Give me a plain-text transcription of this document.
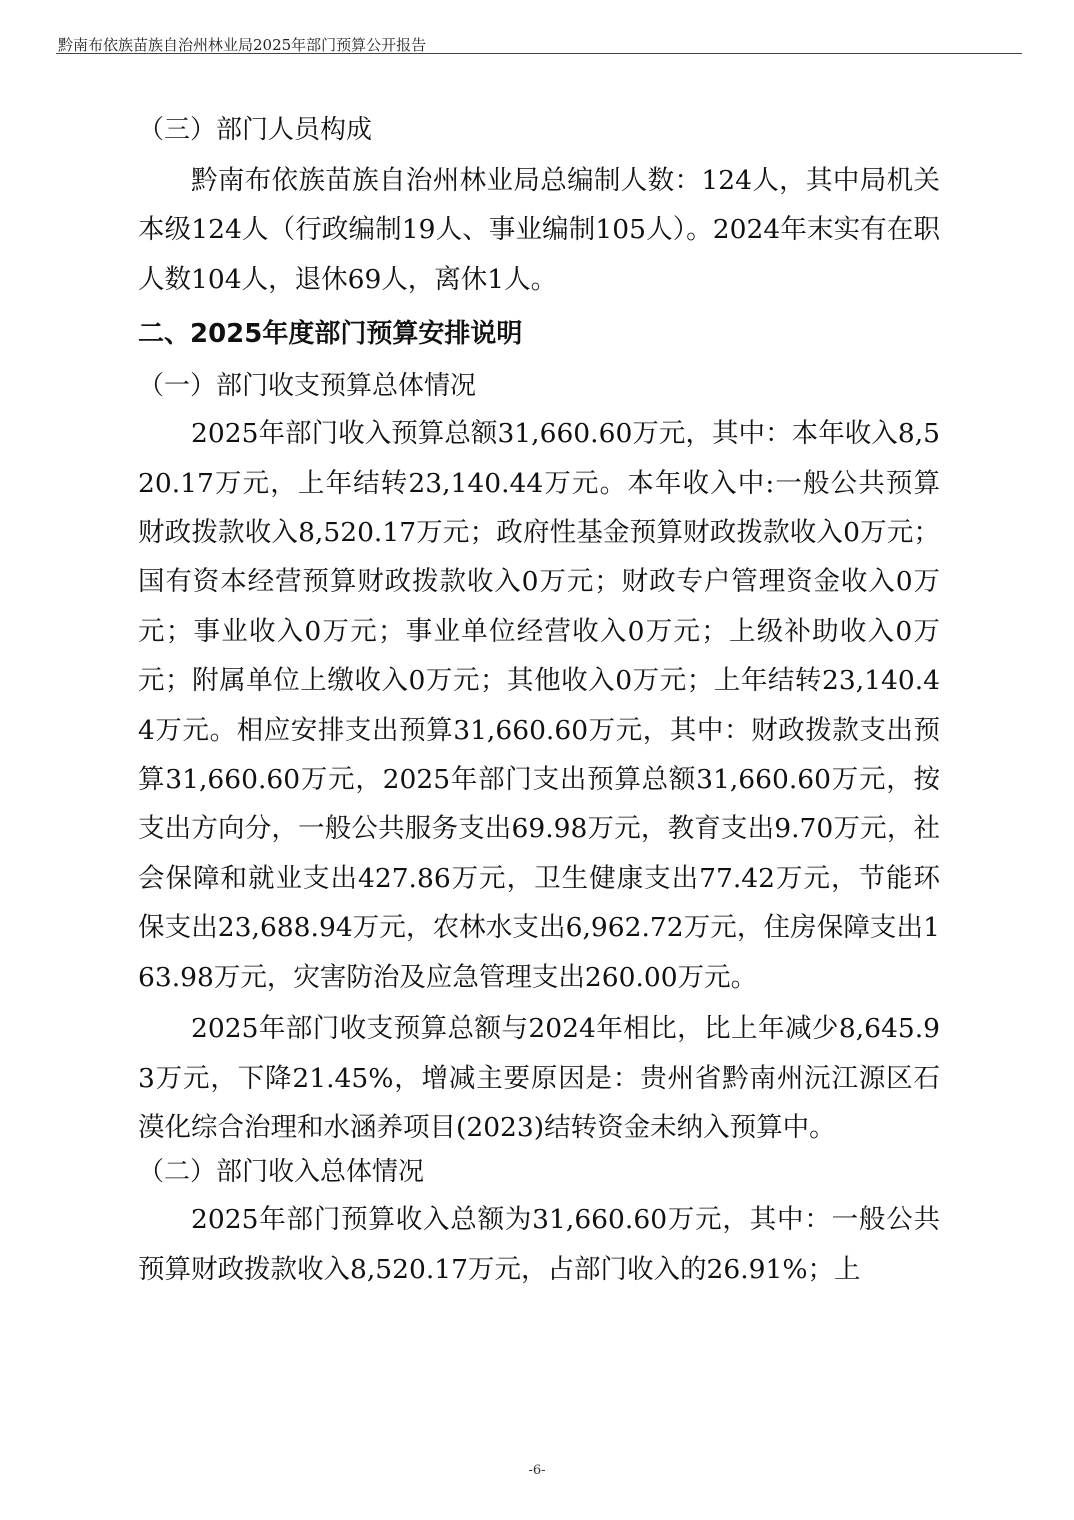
黔南布依族苗族自治州林业局2025年部门预算公开报告
（三）部门人员构成

黔南布依族苗族自治州林业局总编制人数：124人，其中局机关本级124人（行政编制19人、事业编制105人）。2024年末实有在职人数104人，退休69人，离休1人。

二、2025年度部门预算安排说明
（一）部门收支预算总体情况

2025年部门收入预算总额31,660.60万元，其中：本年收入8,520.17万元，上年结转23,140.44万元。本年收入中:一般公共预算财政拨款收入8,520.17万元；政府性基金预算财政拨款收入0万元；国有资本经营预算财政拨款收入0万元；财政专户管理资金收入0万元；事业收入0万元；事业单位经营收入0万元；上级补助收入0万元；附属单位上缴收入0万元；其他收入0万元；上年结转23,140.44万元。相应安排支出预算31,660.60万元，其中：财政拨款支出预算31,660.60万元，2025年部门支出预算总额31,660.60万元，按支出方向分，一般公共服务支出69.98万元，教育支出9.70万元，社会保障和就业支出427.86万元，卫生健康支出77.42万元，节能环保支出23,688.94万元，农林水支出6,962.72万元，住房保障支出163.98万元，灾害防治及应急管理支出260.00万元。

2025年部门收支预算总额与2024年相比，比上年减少8,645.93万元，下降21.45%，增减主要原因是：贵州省黔南州沅江源区石漠化综合治理和水涵养项目(2023)结转资金未纳入预算中。

（二）部门收入总体情况

2025年部门预算收入总额为31,660.60万元，其中：一般公共预算财政拨款收入8,520.17万元，占部门收入的26.91%；上

-6-
